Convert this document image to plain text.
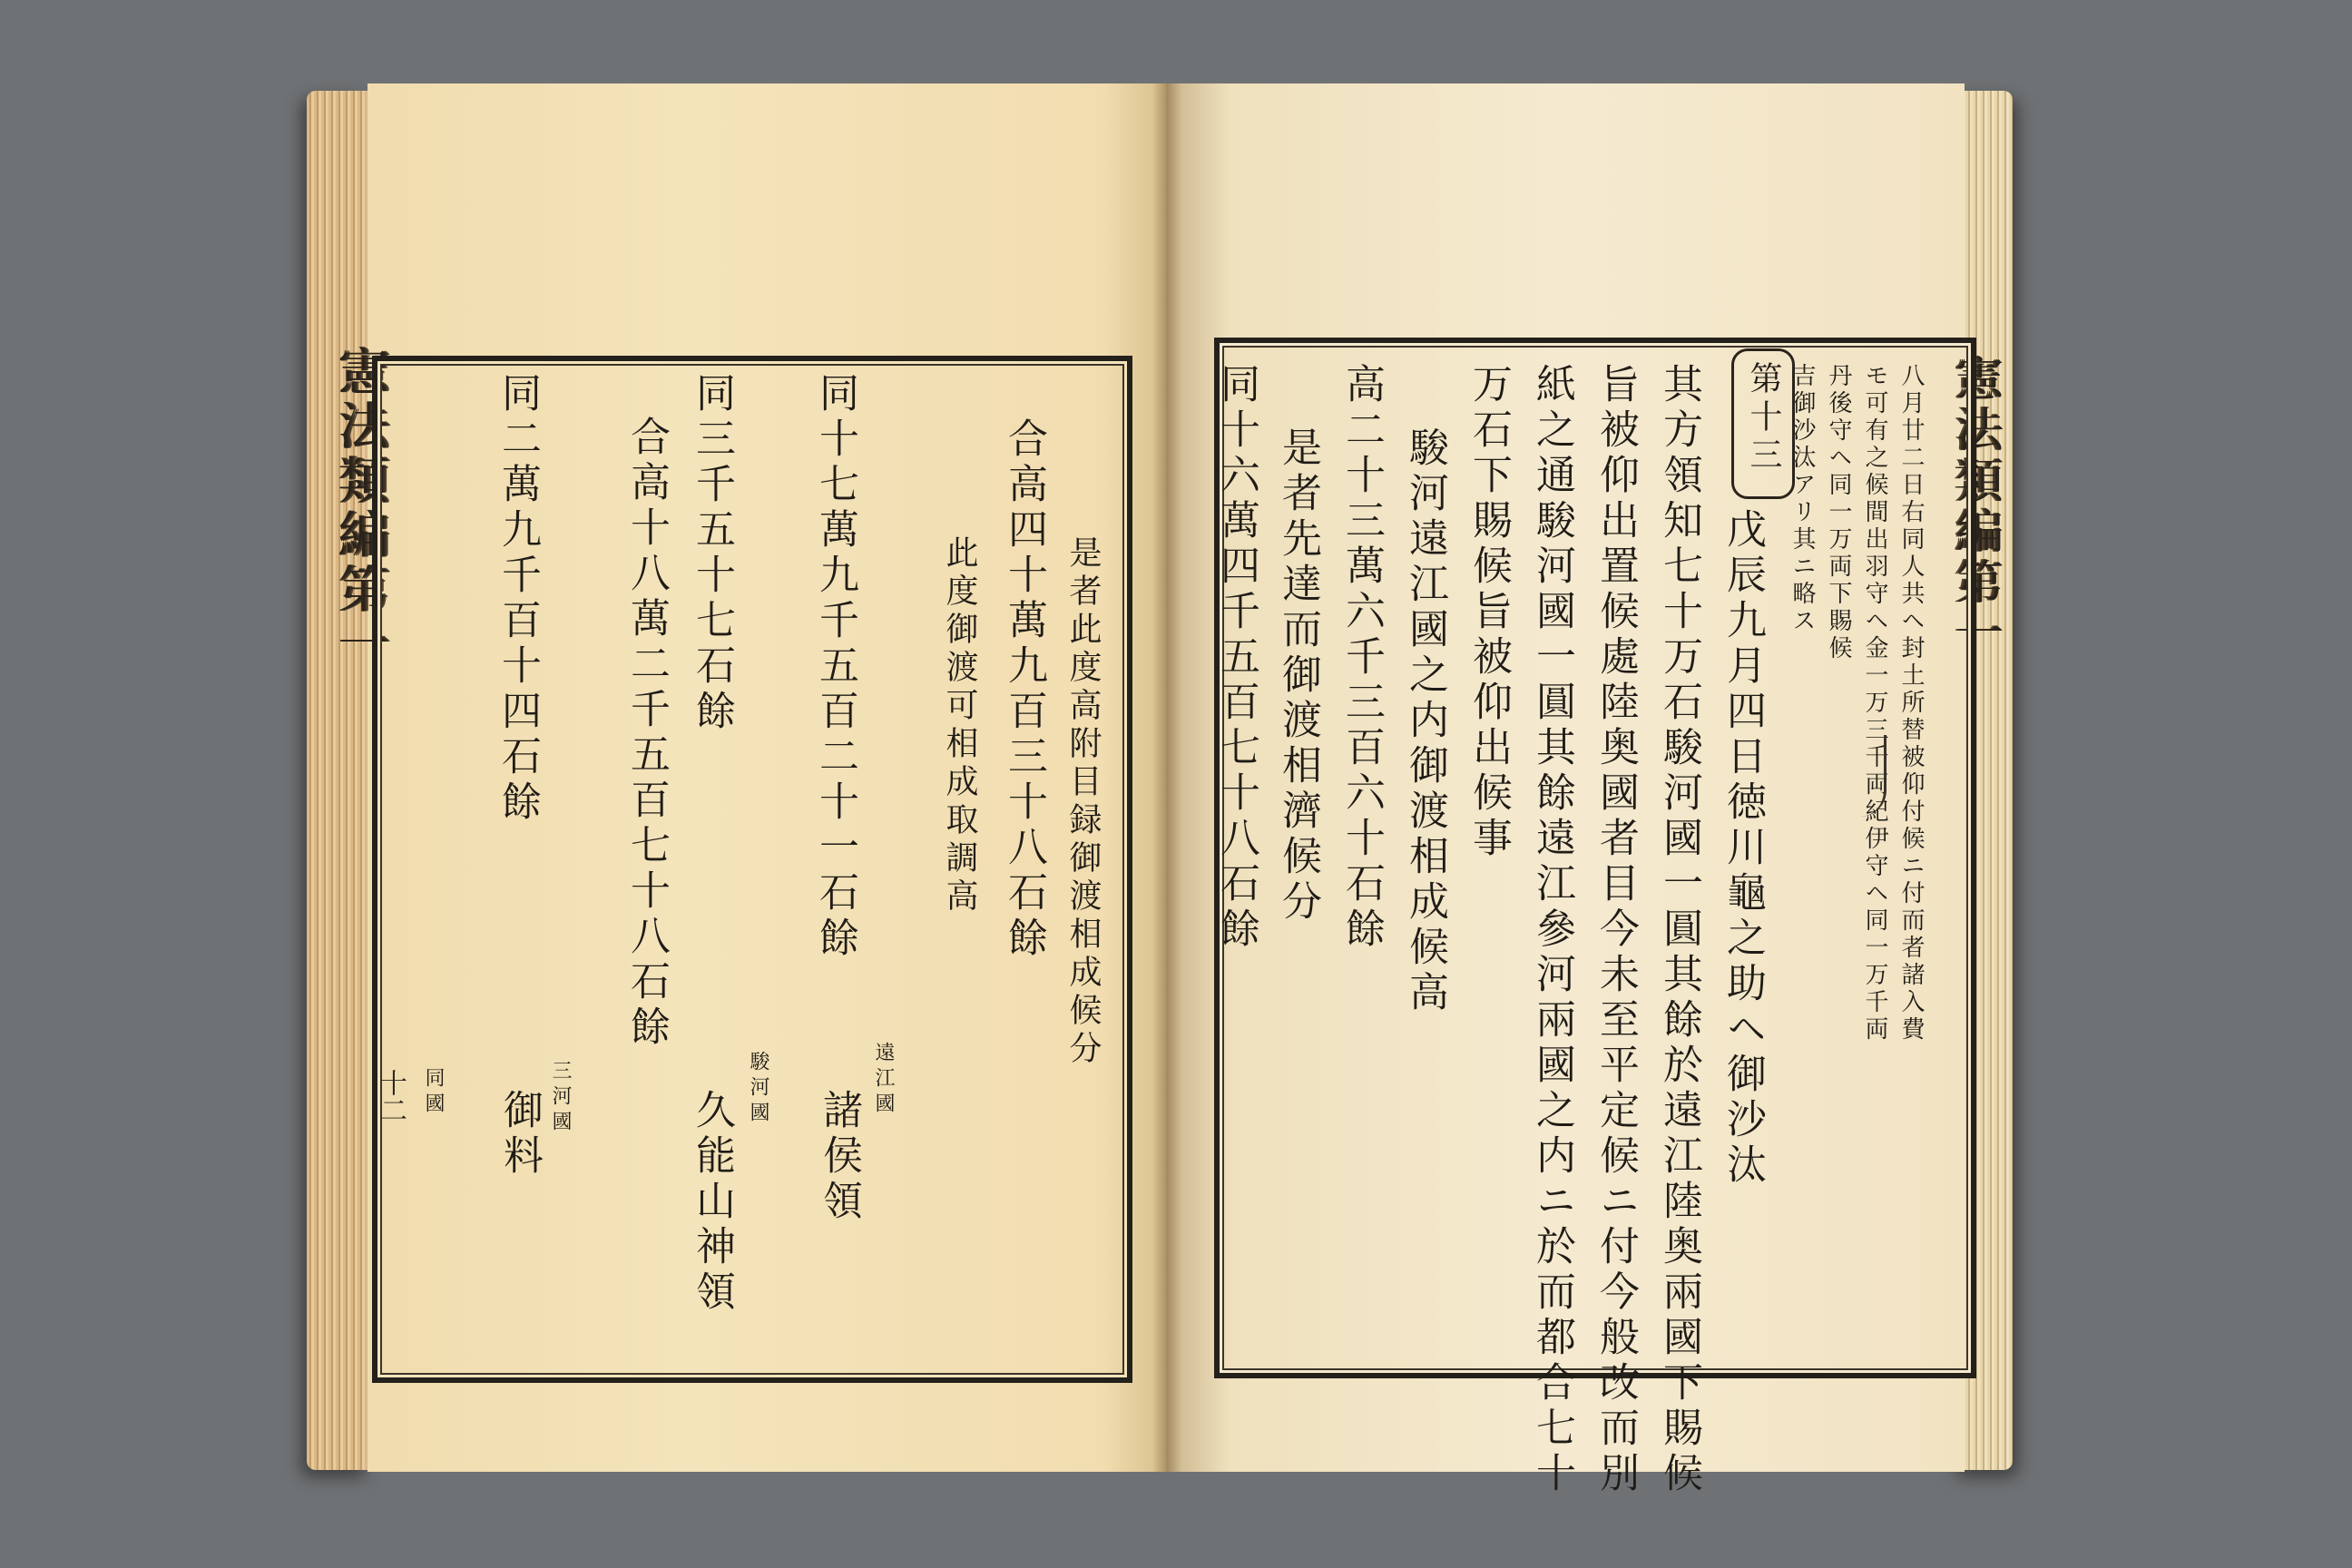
憲法類編第一
憲法類編第一
是者此度高附目録御渡相成候分
此度御渡可相成取調高 合高四十萬九百三十八石餘
同十七萬九千五百二十一石餘
合高十八萬二千五百七十八石餘 同三千五十七石餘
同二萬九千百十四石餘
遠江國
諸侯領
駿河國
久能山神領
三河國
御料
同國
十二
八月廿二日右同人共ヘ封土所替被仰付候ニ付而者諸入費
モ可有之候間出羽守ヘ金一万三千両紀伊守ヘ同一万千両
丹後守ヘ同一万両下賜候
吉御沙汰アリ其ニ略ス
第十三
戊辰九月四日徳川龜之助ヘ御沙汰
其方領知七十万石駿河國一圓其餘於遠江陸奥兩國下賜候
旨被仰出置候處陸奥國者目今未至平定候ニ付今般改而別
紙之通駿河國一圓其餘遠江參河兩國之内ニ於而都合七十
万石下賜候旨被仰出候事
駿河遠江國之内御渡相成候高
高二十三萬六千三百六十石餘
是者先達而御渡相濟候分
同十六萬四千五百七十八石餘
